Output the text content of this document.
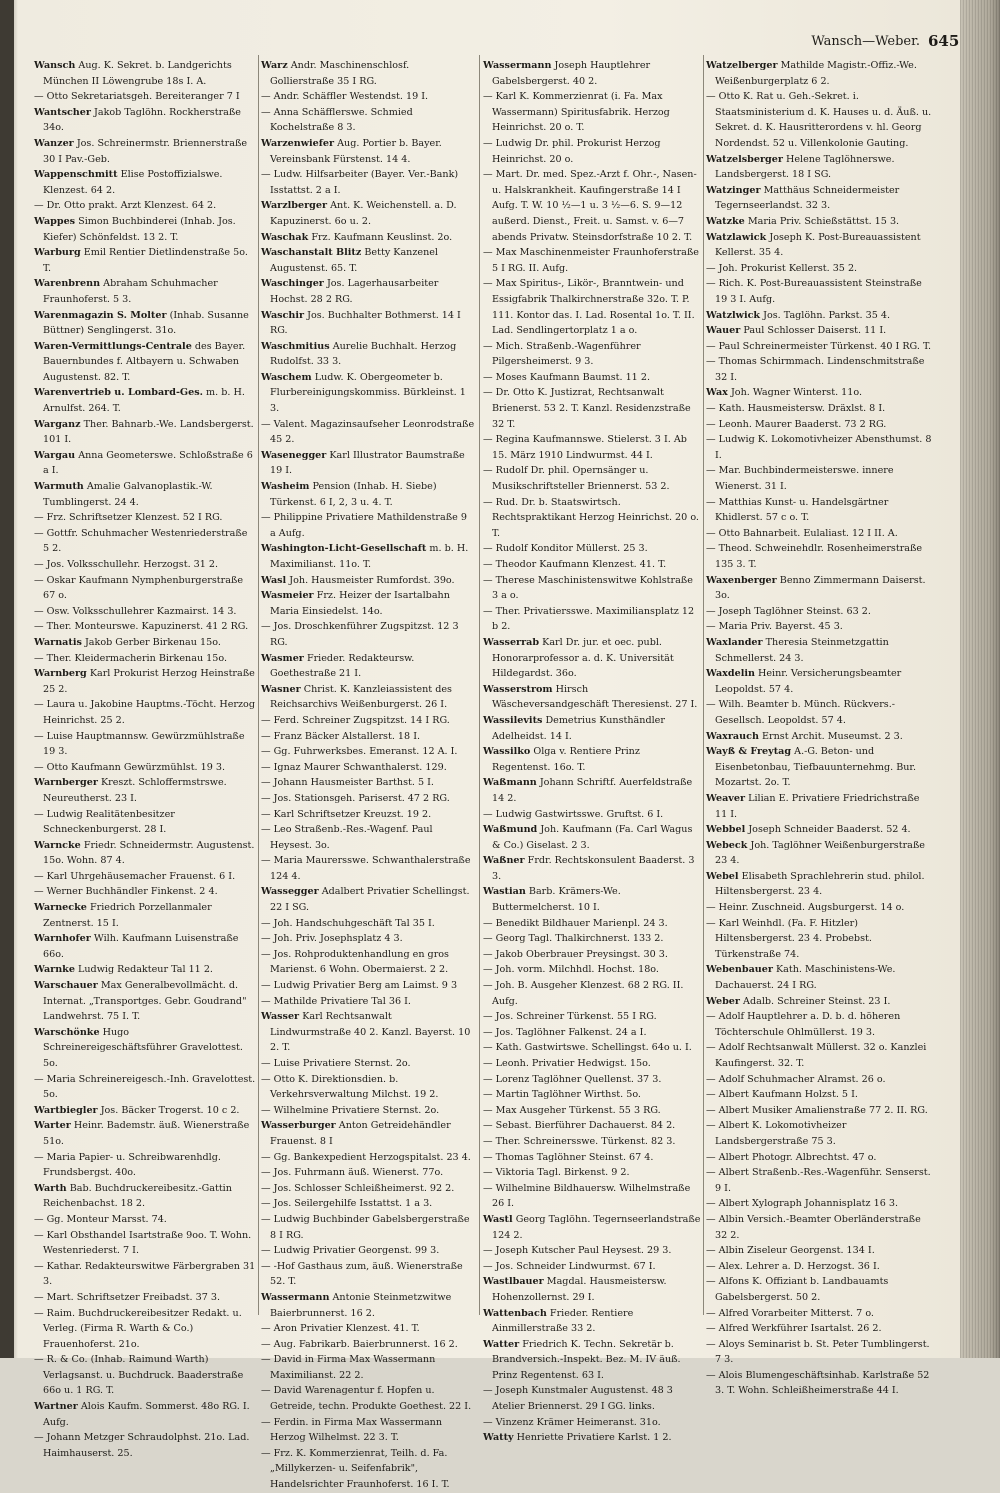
Wansch—Weber. 645

Wansch Aug. K. Sekret. b. Landgerichts München II Löwengrube 18s I. A.

— Otto Sekretariatsgeh. Bereiteranger 7 I

Wantscher Jakob Taglöhn. Rockherstraße 34o.

Wanzer Jos. Schreinermstr. Briennerstraße 30 I Pav.-Geb.

Wappenschmitt Elise Postoffizialswe. Klenzest. 64 2.

— Dr. Otto prakt. Arzt Klenzest. 64 2.

Wappes Simon Buchbinderei (Inhab. Jos. Kiefer) Schönfeldst. 13 2. T.

Warburg Emil Rentier Dietlindenstraße 5o. T.

Warenbrenn Abraham Schuhmacher Fraunhoferst. 5 3.

Warenmagazin S. Molter (Inhab. Susanne Büttner) Senglingerst. 31o.

Waren-Vermittlungs-Centrale des Bayer. Bauernbundes f. Altbayern u. Schwaben Augustenst. 82. T.

Warenvertrieb u. Lombard-Ges. m. b. H. Arnulfst. 264. T.

Warganz Ther. Bahnarb.-We. Landsbergerst. 101 I.

Wargau Anna Geometerswe. Schloßstraße 6 a I.

Warmuth Amalie Galvanoplastik.-W. Tumblingerst. 24 4.

— Frz. Schriftsetzer Klenzest. 52 I RG.

— Gottfr. Schuhmacher Westenriederstraße 5 2.

— Jos. Volksschullehr. Herzogst. 31 2.

— Oskar Kaufmann Nymphenburgerstraße 67 o.

— Osw. Volksschullehrer Kazmairst. 14 3.

— Ther. Monteurswe. Kapuzinerst. 41 2 RG.

Warnatis Jakob Gerber Birkenau 15o.

— Ther. Kleidermacherin Birkenau 15o.

Warnberg Karl Prokurist Herzog Heinstraße 25 2.

— Laura u. Jakobine Hauptms.-Töcht. Herzog Heinrichst. 25 2.

— Luise Hauptmannsw. Gewürzmühlstraße 19 3.

— Otto Kaufmann Gewürzmühlst. 19 3.

Warnberger Kreszt. Schloffermstrswe. Neureutherst. 23 I.

— Ludwig Realitätenbesitzer Schneckenburgerst. 28 I.

Warncke Friedr. Schneidermstr. Augustenst. 15o. Wohn. 87 4.

— Karl Uhrgehäusemacher Frauenst. 6 I.

— Werner Buchhändler Finkenst. 2 4.

Warnecke Friedrich Porzellanmaler Zentnerst. 15 I.

Warnhofer Wilh. Kaufmann Luisenstraße 66o.

Warnke Ludwig Redakteur Tal 11 2.

Warschauer Max Generalbevollmächt. d. Internat. „Transportges. Gebr. Goudrand" Landwehrst. 75 I. T.

Warschönke Hugo Schreinereigeschäftsführer Gravelottest. 5o.

— Maria Schreinereigesch.-Inh. Gravelottest. 5o.

Wartbiegler Jos. Bäcker Trogerst. 10 c 2.

Warter Heinr. Bademstr. äuß. Wienerstraße 51o.

— Maria Papier- u. Schreibwarenhdlg. Frundsbergst. 40o.

Warth Bab. Buchdruckereibesitz.-Gattin Reichenbachst. 18 2.

— Gg. Monteur Marsst. 74.

— Karl Obsthandel Isartstraße 9oo. T. Wohn. Westenriederst. 7 I.

— Kathar. Redakteurswitwe Färbergraben 31 3.

— Mart. Schriftsetzer Freibadst. 37 3.

— Raim. Buchdruckereibesitzer Redakt. u. Verleg. (Firma R. Warth & Co.) Frauenhoferst. 21o.

— R. & Co. (Inhab. Raimund Warth) Verlagsanst. u. Buchdruck. Baaderstraße 66o u. 1 RG. T.

Wartner Alois Kaufm. Sommerst. 48o RG. I. Aufg.

— Johann Metzger Schraudolphst. 21o. Lad. Haimhauserst. 25.

Warz Andr. Maschinenschlosf. Gollierstraße 35 I RG.

— Andr. Schäffler Westendst. 19 I.

— Anna Schäfflerswe. Schmied Kochelstraße 8 3.

Warzenwiefer Aug. Portier b. Bayer. Vereinsbank Fürstenst. 14 4.

— Ludw. Hilfsarbeiter (Bayer. Ver.-Bank) Isstattst. 2 a I.

Warzlberger Ant. K. Weichenstell. a. D. Kapuzinerst. 6o u. 2.

Waschak Frz. Kaufmann Keuslinst. 2o.

Waschanstalt Blitz Betty Kanzenel Augustenst. 65. T.

Waschinger Jos. Lagerhausarbeiter Hochst. 28 2 RG.

Waschir Jos. Buchhalter Bothmerst. 14 I RG.

Waschmitius Aurelie Buchhalt. Herzog Rudolfst. 33 3.

Waschem Ludw. K. Obergeometer b. Flurbereinigungskommiss. Bürkleinst. 1 3.

— Valent. Magazinsaufseher Leonrodstraße 45 2.

Wasenegger Karl Illustrator Baumstraße 19 I.

Washeim Pension (Inhab. H. Siebe) Türkenst. 6 I, 2, 3 u. 4. T.

— Philippine Privatiere Mathildenstraße 9 a Aufg.

Washington-Licht-Gesellschaft m. b. H. Maximilianst. 11o. T.

Wasl Joh. Hausmeister Rumfordst. 39o.

Wasmeier Frz. Heizer der Isartalbahn Maria Einsiedelst. 14o.

— Jos. Droschkenführer Zugspitzst. 12 3 RG.

Wasmer Frieder. Redakteursw. Goethestraße 21 I.

Wasner Christ. K. Kanzleiassistent des Reichsarchivs Weißenburgerst. 26 I.

— Ferd. Schreiner Zugspitzst. 14 I RG.

— Franz Bäcker Alstallerst. 18 I.

— Gg. Fuhrwerksbes. Emeranst. 12 A. I.

— Ignaz Maurer Schwanthalerst. 129.

— Johann Hausmeister Barthst. 5 I.

— Jos. Stationsgeh. Pariserst. 47 2 RG.

— Karl Schriftsetzer Kreuzst. 19 2.

— Leo Straßenb.-Res.-Wagenf. Paul Heysest. 3o.

— Maria Maurersswe. Schwanthalerstraße 124 4.

Wassegger Adalbert Privatier Schellingst. 22 I SG.

— Joh. Handschuhgeschäft Tal 35 I.

— Joh. Priv. Josephsplatz 4 3.

— Jos. Rohproduktenhandlung en gros Marienst. 6 Wohn. Obermaierst. 2 2.

— Ludwig Privatier Berg am Laimst. 9 3

— Mathilde Privatiere Tal 36 I.

Wasser Karl Rechtsanwalt Lindwurmstraße 40 2. Kanzl. Bayerst. 10 2. T.

— Luise Privatiere Sternst. 2o.

— Otto K. Direktionsdien. b. Verkehrsverwaltung Milchst. 19 2.

— Wilhelmine Privatiere Sternst. 2o.

Wasserburger Anton Getreidehändler Frauenst. 8 I

— Gg. Bankexpedient Herzogspitalst. 23 4.

— Jos. Fuhrmann äuß. Wienerst. 77o.

— Jos. Schlosser Schleißheimerst. 92 2.

— Jos. Seilergehilfe Isstattst. 1 a 3.

— Ludwig Buchbinder Gabelsbergerstraße 8 I RG.

— Ludwig Privatier Georgenst. 99 3.

— -Hof Gasthaus zum, äuß. Wienerstraße 52. T.

Wassermann Antonie Steinmetzwitwe Baierbrunnerst. 16 2.

— Aron Privatier Klenzest. 41. T.

— Aug. Fabrikarb. Baierbrunnerst. 16 2.

— David in Firma Max Wassermann Maximilianst. 22 2.

— David Warenagentur f. Hopfen u. Getreide, techn. Produkte Goethest. 22 I.

— Ferdin. in Firma Max Wassermann Herzog Wilhelmst. 22 3. T.

— Frz. K. Kommerzienrat, Teilh. d. Fa. „Millykerzen- u. Seifenfabrik", Handelsrichter Fraunhoferst. 16 I. T.

Wassermann Joseph Hauptlehrer Gabelsbergerst. 40 2.

— Karl K. Kommerzienrat (i. Fa. Max Wassermann) Spiritusfabrik. Herzog Heinrichst. 20 o. T.

— Ludwig Dr. phil. Prokurist Herzog Heinrichst. 20 o.

— Mart. Dr. med. Spez.-Arzt f. Ohr.-, Nasen- u. Halskrankheit. Kaufingerstraße 14 I Aufg. T. W. 10 ½—1 u. 3 ½—6. S. 9—12 außerd. Dienst., Freit. u. Samst. v. 6—7 abends Privatw. Steinsdorfstraße 10 2. T.

— Max Maschinenmeister Fraunhoferstraße 5 I RG. II. Aufg.

— Max Spiritus-, Likör-, Branntwein- und Essigfabrik Thalkirchnerstraße 32o. T. P. 111. Kontor das. I. Lad. Rosental 1o. T. II. Lad. Sendlingertorplatz 1 a o.

— Mich. Straßenb.-Wagenführer Pilgersheimerst. 9 3.

— Moses Kaufmann Baumst. 11 2.

— Dr. Otto K. Justizrat, Rechtsanwalt Brienerst. 53 2. T. Kanzl. Residenzstraße 32 T.

— Regina Kaufmannswe. Stielerst. 3 I. Ab 15. März 1910 Lindwurmst. 44 I.

— Rudolf Dr. phil. Opernsänger u. Musikschriftsteller Briennerst. 53 2.

— Rud. Dr. b. Staatswirtsch. Rechtspraktikant Herzog Heinrichst. 20 o. T.

— Rudolf Konditor Müllerst. 25 3.

— Theodor Kaufmann Klenzest. 41. T.

— Therese Maschinistenswitwe Kohlstraße 3 a o.

— Ther. Privatiersswe. Maximiliansplatz 12 b 2.

Wasserrab Karl Dr. jur. et oec. publ. Honorarprofessor a. d. K. Universität Hildegardst. 36o.

Wasserstrom Hirsch Wäscheversandgeschäft Theresienst. 27 I.

Wassilevits Demetrius Kunsthändler Adelheidst. 14 I.

Wassilko Olga v. Rentiere Prinz Regentenst. 16o. T.

Waßmann Johann Schriftf. Auerfeldstraße 14 2.

— Ludwig Gastwirtsswe. Gruftst. 6 I.

Waßmund Joh. Kaufmann (Fa. Carl Wagus & Co.) Giselast. 2 3.

Waßner Frdr. Rechtskonsulent Baaderst. 3 3.

Wastian Barb. Krämers-We. Buttermelcherst. 10 I.

— Benedikt Bildhauer Marienpl. 24 3.

— Georg Tagl. Thalkirchnerst. 133 2.

— Jakob Oberbrauer Preysingst. 30 3.

— Joh. vorm. Milchhdl. Hochst. 18o.

— Joh. B. Ausgeher Klenzest. 68 2 RG. II. Aufg.

— Jos. Schreiner Türkenst. 55 I RG.

— Jos. Taglöhner Falkenst. 24 a I.

— Kath. Gastwirtswe. Schellingst. 64o u. I.

— Leonh. Privatier Hedwigst. 15o.

— Lorenz Taglöhner Quellenst. 37 3.

— Martin Taglöhner Wirthst. 5o.

— Max Ausgeher Türkenst. 55 3 RG.

— Sebast. Bierführer Dachauerst. 84 2.

— Ther. Schreinersswe. Türkenst. 82 3.

— Thomas Taglöhner Steinst. 67 4.

— Viktoria Tagl. Birkenst. 9 2.

— Wilhelmine Bildhauersw. Wilhelmstraße 26 I.

Wastl Georg Taglöhn. Tegernseerlandstraße 124 2.

— Joseph Kutscher Paul Heysest. 29 3.

— Jos. Schneider Lindwurmst. 67 I.

Wastlbauer Magdal. Hausmeistersw. Hohenzollernst. 29 I.

Wattenbach Frieder. Rentiere Ainmillerstraße 33 2.

Watter Friedrich K. Techn. Sekretär b. Brandversich.-Inspekt. Bez. M. IV äuß. Prinz Regentenst. 63 I.

— Joseph Kunstmaler Augustenst. 48 3 Atelier Briennerst. 29 I GG. links.

— Vinzenz Krämer Heimeranst. 31o.

Watty Henriette Privatiere Karlst. 1 2.

Watzelberger Mathilde Magistr.-Offiz.-We. Weißenburgerplatz 6 2.

— Otto K. Rat u. Geh.-Sekret. i. Staatsministerium d. K. Hauses u. d. Äuß. u. Sekret. d. K. Hausritterordens v. hl. Georg Nordendst. 52 u. Villenkolonie Gauting.

Watzelsberger Helene Taglöhnerswe. Landsbergerst. 18 I SG.

Watzinger Matthäus Schneidermeister Tegernseerlandst. 32 3.

Watzke Maria Priv. Schießstättst. 15 3.

Watzlawick Joseph K. Post-Bureauassistent Kellerst. 35 4.

— Joh. Prokurist Kellerst. 35 2.

— Rich. K. Post-Bureauassistent Steinstraße 19 3 I. Aufg.

Watzlwick Jos. Taglöhn. Parkst. 35 4.

Wauer Paul Schlosser Daiserst. 11 I.

— Paul Schreinermeister Türkenst. 40 I RG. T.

— Thomas Schirmmach. Lindenschmitstraße 32 I.

Wax Joh. Wagner Winterst. 11o.

— Kath. Hausmeistersw. Dräxlst. 8 I.

— Leonh. Maurer Baaderst. 73 2 RG.

— Ludwig K. Lokomotivheizer Abensthumst. 8 I.

— Mar. Buchbindermeisterswe. innere Wienerst. 31 I.

— Matthias Kunst- u. Handelsgärtner Khidlerst. 57 c o. T.

— Otto Bahnarbeit. Eulaliast. 12 I II. A.

— Theod. Schweinehdlr. Rosenheimerstraße 135 3. T.

Waxenberger Benno Zimmermann Daiserst. 3o.

— Joseph Taglöhner Steinst. 63 2.

— Maria Priv. Bayerst. 45 3.

Waxlander Theresia Steinmetzgattin Schmellerst. 24 3.

Waxdelin Heinr. Versicherungsbeamter Leopoldst. 57 4.

— Wilh. Beamter b. Münch. Rückvers.-Gesellsch. Leopoldst. 57 4.

Waxrauch Ernst Archit. Museumst. 2 3.

Wayß & Freytag A.-G. Beton- und Eisenbetonbau, Tiefbauunternehmg. Bur. Mozartst. 2o. T.

Weaver Lilian E. Privatiere Friedrichstraße 11 I.

Webbel Joseph Schneider Baaderst. 52 4.

Webeck Joh. Taglöhner Weißenburgerstraße 23 4.

Webel Elisabeth Sprachlehrerin stud. philol. Hiltensbergerst. 23 4.

— Heinr. Zuschneid. Augsburgerst. 14 o.

— Karl Weinhdl. (Fa. F. Hitzler) Hiltensbergerst. 23 4. Probebst. Türkenstraße 74.

Webenbauer Kath. Maschinistens-We. Dachauerst. 24 I RG.

Weber Adalb. Schreiner Steinst. 23 I.

— Adolf Hauptlehrer a. D. b. d. höheren Töchterschule Ohlmüllerst. 19 3.

— Adolf Rechtsanwalt Müllerst. 32 o. Kanzlei Kaufingerst. 32. T.

— Adolf Schuhmacher Alramst. 26 o.

— Albert Kaufmann Holzst. 5 I.

— Albert Musiker Amalienstraße 77 2. II. RG.

— Albert K. Lokomotivheizer Landsbergerstraße 75 3.

— Albert Photogr. Albrechtst. 47 o.

— Albert Straßenb.-Res.-Wagenführ. Senserst. 9 I.

— Albert Xylograph Johannisplatz 16 3.

— Albin Versich.-Beamter Oberländerstraße 32 2.

— Albin Ziseleur Georgenst. 134 I.

— Alex. Lehrer a. D. Herzogst. 36 I.

— Alfons K. Offiziant b. Landbauamts Gabelsbergerst. 50 2.

— Alfred Vorarbeiter Mitterst. 7 o.

— Alfred Werkführer Isartalst. 26 2.

— Aloys Seminarist b. St. Peter Tumblingerst. 7 3.

— Alois Blumengeschäftsinhab. Karlstraße 52 3. T. Wohn. Schleißheimerstraße 44 I.
